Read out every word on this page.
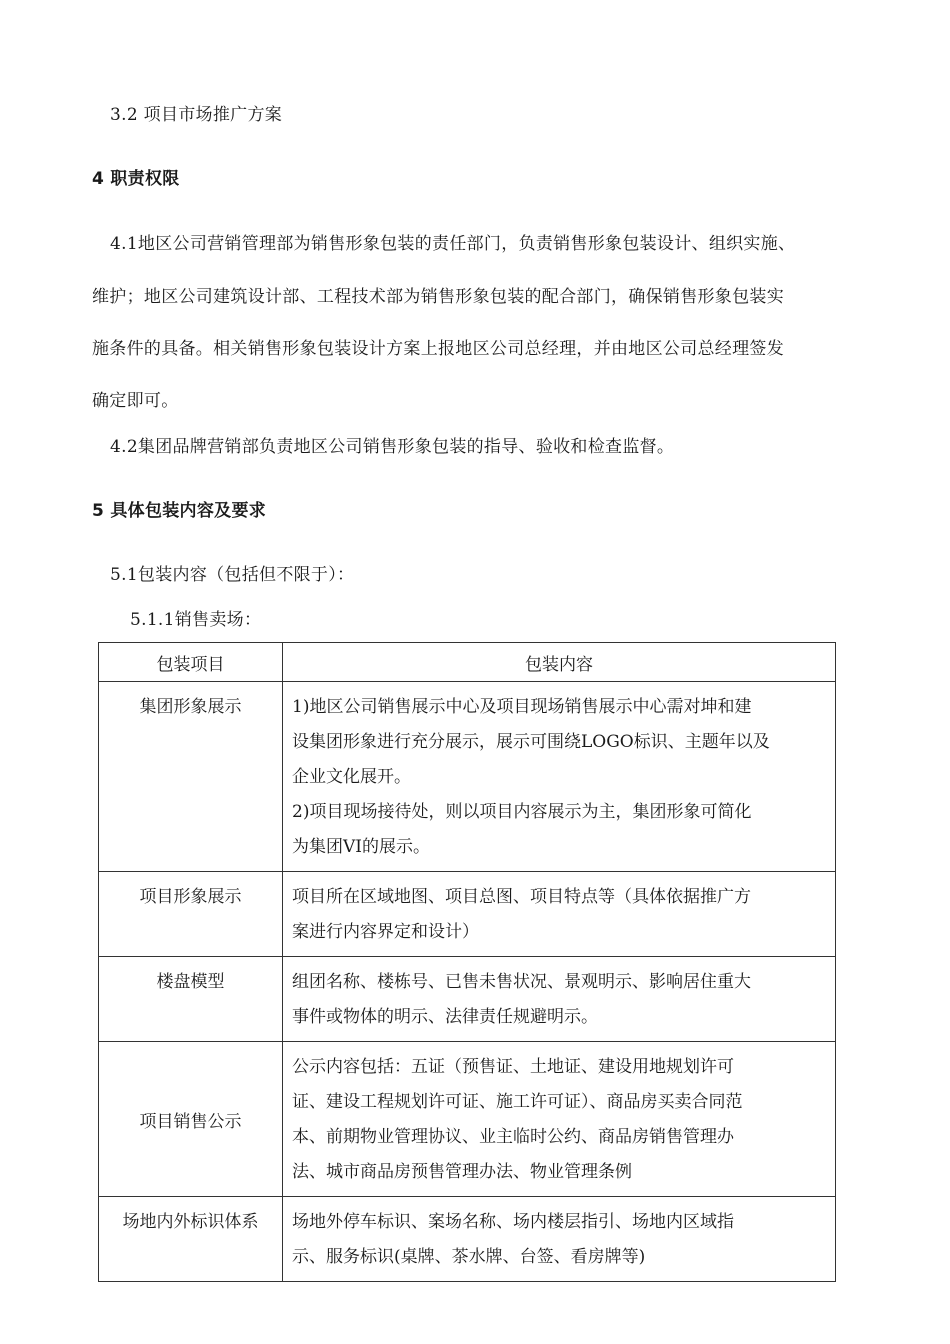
3.2 项目市场推广方案
4 职责权限
4.1地区公司营销管理部为销售形象包装的责任部门，负责销售形象包装设计、组织实施、
维护；地区公司建筑设计部、工程技术部为销售形象包装的配合部门，确保销售形象包装实
施条件的具备。相关销售形象包装设计方案上报地区公司总经理，并由地区公司总经理签发
确定即可。
4.2集团品牌营销部负责地区公司销售形象包装的指导、验收和检查监督。
5 具体包装内容及要求
5.1包装内容（包括但不限于）：
5.1.1销售卖场：
包装项目	包装内容
集团形象展示	1)地区公司销售展示中心及项目现场销售展示中心需对坤和建
设集团形象进行充分展示，展示可围绕LOGO标识、主题年以及
企业文化展开。
2)项目现场接待处，则以项目内容展示为主，集团形象可简化
为集团VI的展示。

项目形象展示	项目所在区域地图、项目总图、项目特点等（具体依据推广方
案进行内容界定和设计）

楼盘模型	组团名称、楼栋号、已售未售状况、景观明示、影响居住重大
事件或物体的明示、法律责任规避明示。

项目销售公示	公示内容包括：五证（预售证、土地证、建设用地规划许可
证、建设工程规划许可证、施工许可证）、商品房买卖合同范
本、前期物业管理协议、业主临时公约、商品房销售管理办
法、城市商品房预售管理办法、物业管理条例

场地内外标识体系	场地外停车标识、案场名称、场内楼层指引、场地内区域指
示、服务标识(桌牌、茶水牌、台签、看房牌等)
